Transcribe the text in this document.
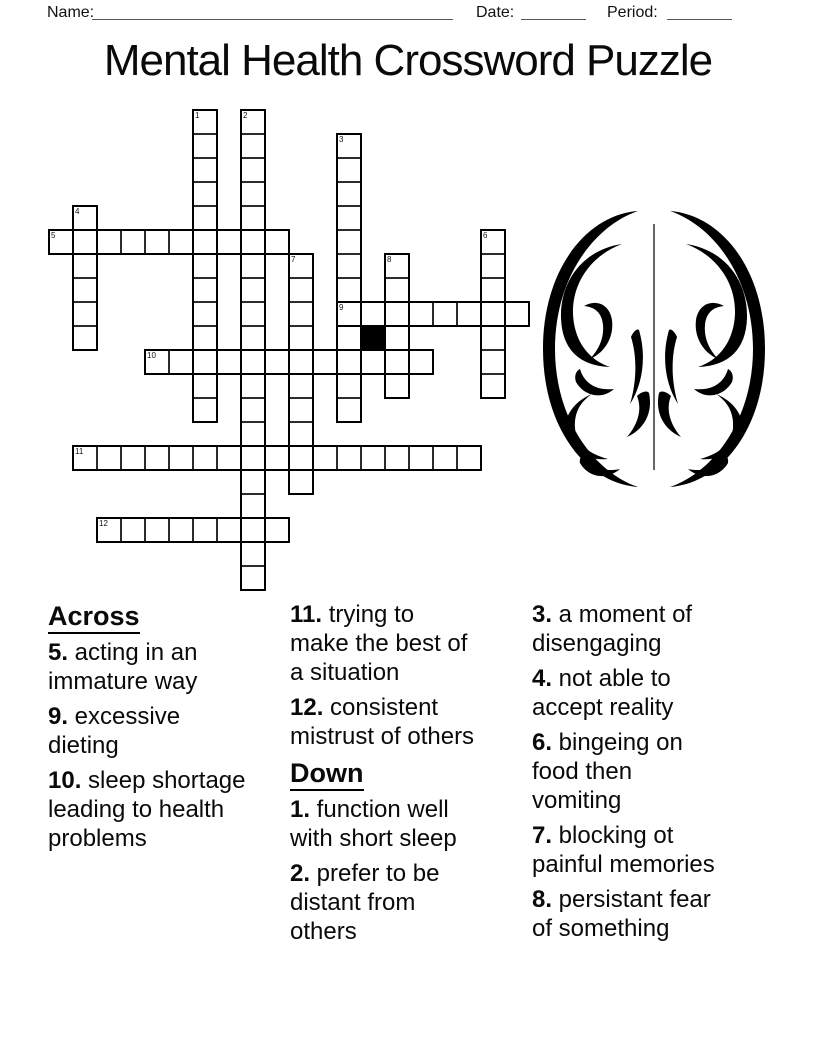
Name:	Date:	Period:
Mental Health Crossword Puzzle
1	2
3
9
4
5	6
7	8
10
11
12
Across
5. acting in an immature way
9. excessive dieting
10. sleep shortage leading to health problems
11. trying to make the best of a situation
12. consistent mistrust of others
Down
1. function well with short sleep
2. prefer to be distant from others
3. a moment of disengaging
4. not able to accept reality
6. bingeing on food then vomiting
7. blocking ot painful memories
8. persistant fear of something
